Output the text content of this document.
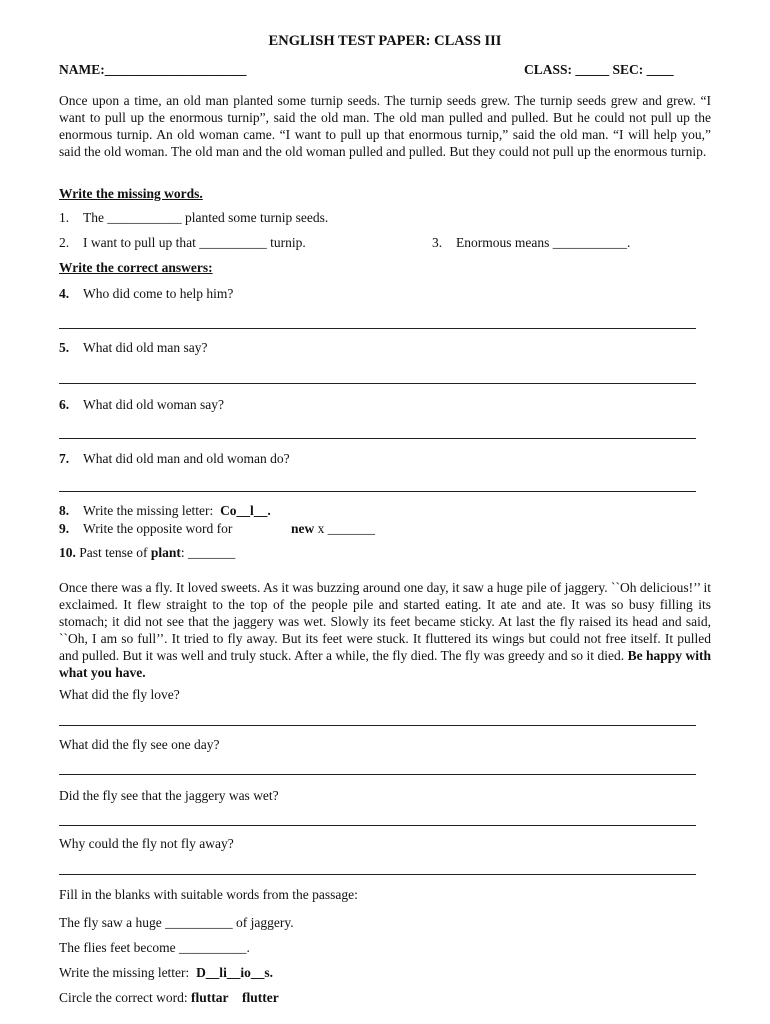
ENGLISH TEST PAPER: CLASS III
NAME:_____________________	CLASS: _____ SEC: ____
Once upon a time, an old man planted some turnip seeds. The turnip seeds grew. The turnip seeds grew and grew. “I want to pull up the enormous turnip”, said the old man. The old man pulled and pulled. But he could not pull up the enormous turnip. An old woman came. “I want to pull up that enormous turnip,” said the old man. “I will help you,” said the old woman. The old man and the old woman pulled and pulled. But they could not pull up the enormous turnip.
Write the missing words.
1. The ___________ planted some turnip seeds.
2. I want to pull up that __________ turnip.	3. Enormous means ___________.
Write the correct answers:
4. Who did come to help him?
5. What did old man say?
6. What did old woman say?
7. What did old man and old woman do?
8. Write the missing letter: Co__l__.
9. Write the opposite word for	new x _______
10. Past tense of plant: _______
Once there was a fly. It loved sweets. As it was buzzing around one day, it saw a huge pile of jaggery. ``Oh delicious!’’ it exclaimed. It flew straight to the top of the people pile and started eating. It ate and ate. It was so busy filling its stomach; it did not see that the jaggery was wet. Slowly its feet became sticky. At last the fly raised its head and said, ``Oh, I am so full’’. It tried to fly away. But its feet were stuck. It fluttered its wings but could not free itself. It pulled and pulled. But it was well and truly stuck. After a while, the fly died. The fly was greedy and so it died. Be happy with what you have.
What did the fly love?
What did the fly see one day?
Did the fly see that the jaggery was wet?
Why could the fly not fly away?
Fill in the blanks with suitable words from the passage:
The fly saw a huge __________ of jaggery.
The flies feet become __________.
Write the missing letter: D__li__io__s.
Circle the correct word: fluttar flutter
